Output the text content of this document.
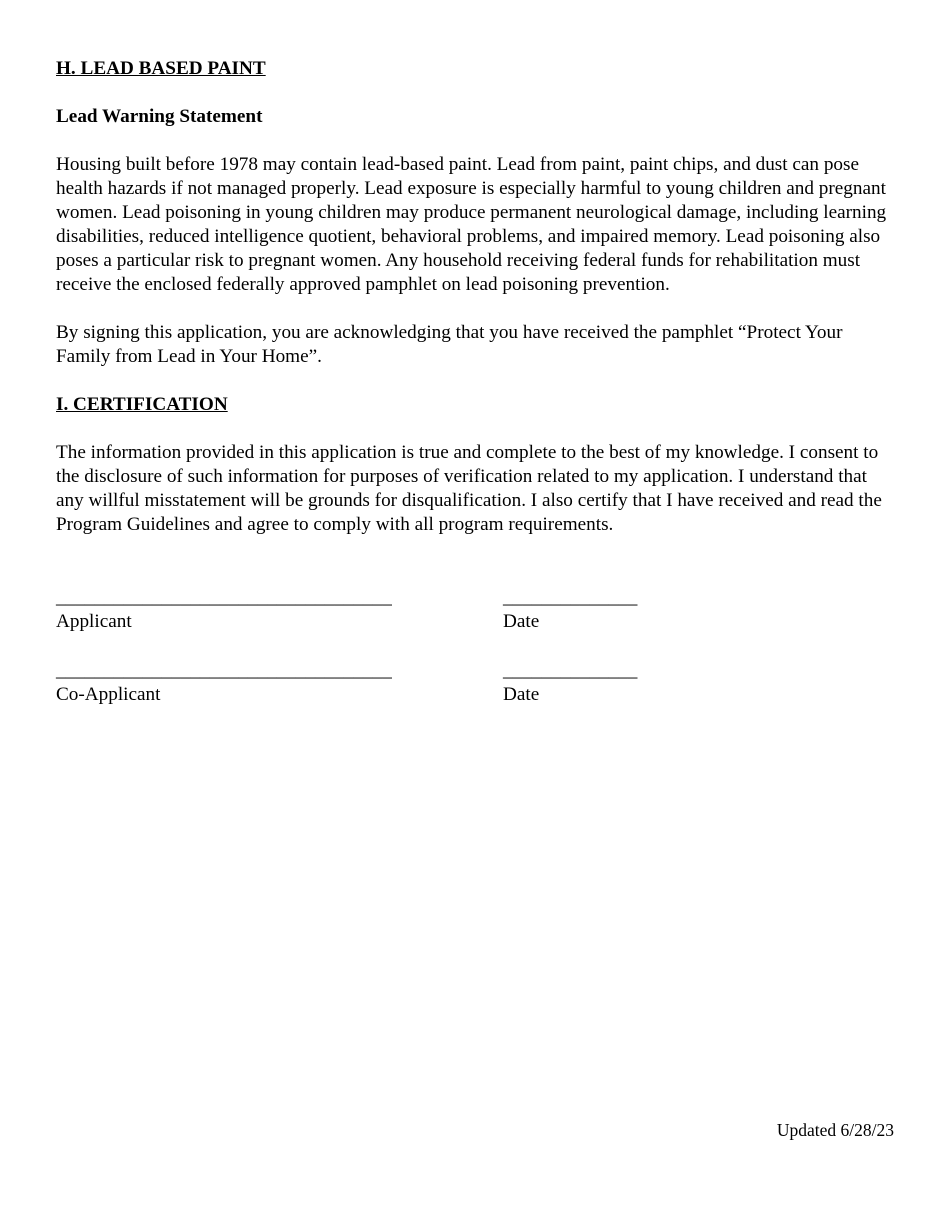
H. LEAD BASED PAINT

Lead Warning Statement

Housing built before 1978 may contain lead-based paint. Lead from paint, paint chips, and dust can pose health hazards if not managed properly. Lead exposure is especially harmful to young children and pregnant women. Lead poisoning in young children may produce permanent neurological damage, including learning disabilities, reduced intelligence quotient, behavioral problems, and impaired memory. Lead poisoning also poses a particular risk to pregnant women. Any household receiving federal funds for rehabilitation must receive the enclosed federally approved pamphlet on lead poisoning prevention.

By signing this application, you are acknowledging that you have received the pamphlet “Protect Your Family from Lead in Your Home”.

I. CERTIFICATION

The information provided in this application is true and complete to the best of my knowledge. I consent to the disclosure of such information for purposes of verification related to my application. I understand that any willful misstatement will be grounds for disqualification. I also certify that I have received and read the Program Guidelines and agree to comply with all program requirements.

___________________________________
Applicant
______________
Date
___________________________________
Co-Applicant
______________
Date
Updated 6/28/23
